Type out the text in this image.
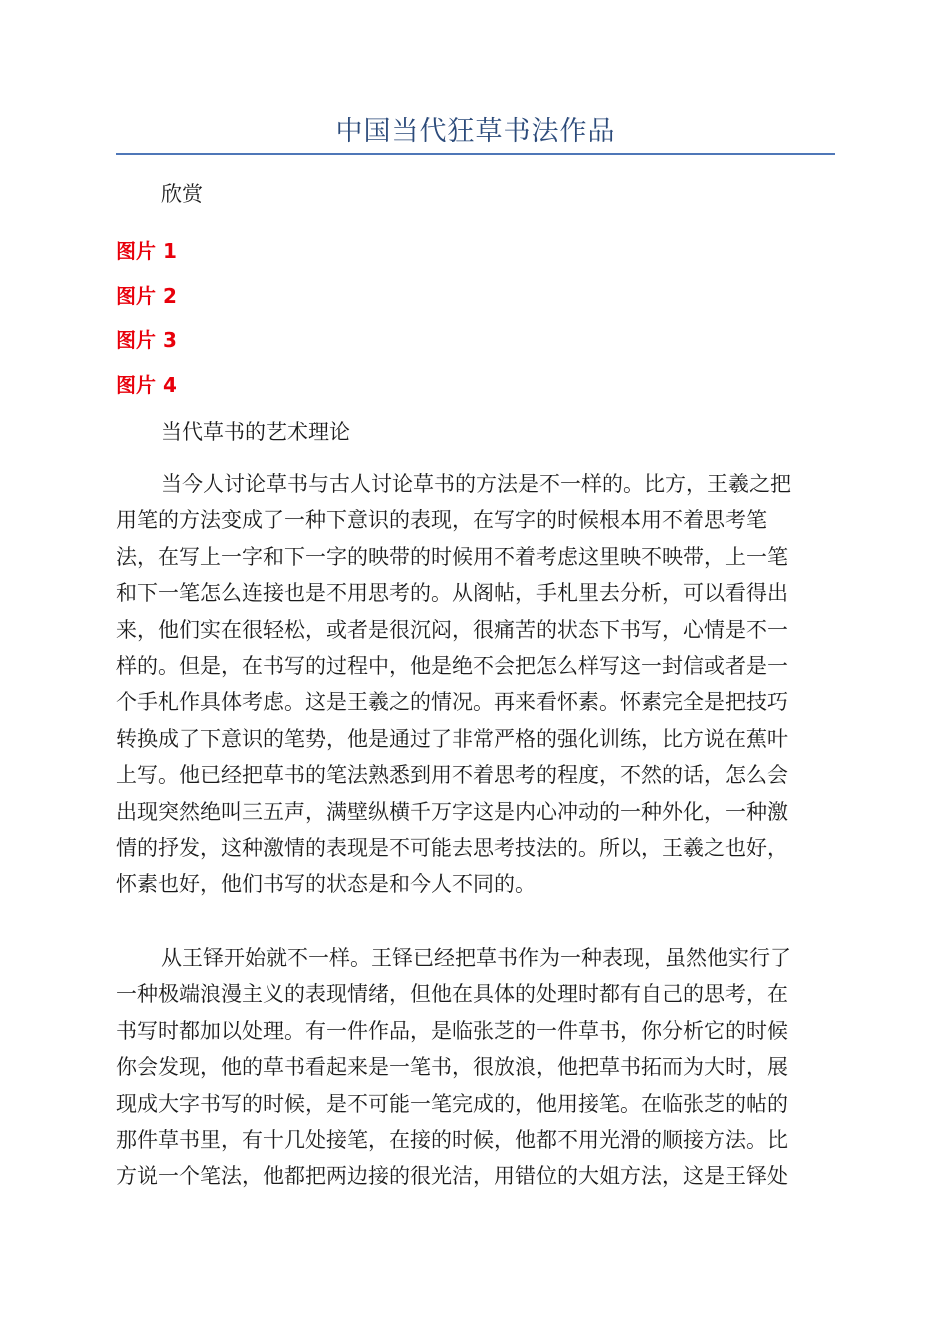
中国当代狂草书法作品
欣赏
图片 1
图片 2
图片 3
图片 4
当代草书的艺术理论
当今人讨论草书与古人讨论草书的方法是不一样的。比方，王羲之把
用笔的方法变成了一种下意识的表现，在写字的时候根本用不着思考笔
法，在写上一字和下一字的映带的时候用不着考虑这里映不映带，上一笔
和下一笔怎么连接也是不用思考的。从阁帖，手札里去分析，可以看得出
来，他们实在很轻松，或者是很沉闷，很痛苦的状态下书写，心情是不一
样的。但是，在书写的过程中，他是绝不会把怎么样写这一封信或者是一
个手札作具体考虑。这是王羲之的情况。再来看怀素。怀素完全是把技巧
转换成了下意识的笔势，他是通过了非常严格的强化训练，比方说在蕉叶
上写。他已经把草书的笔法熟悉到用不着思考的程度，不然的话，怎么会
出现突然绝叫三五声，满壁纵横千万字这是内心冲动的一种外化，一种激
情的抒发，这种激情的表现是不可能去思考技法的。所以，王羲之也好，
怀素也好，他们书写的状态是和今人不同的。
从王铎开始就不一样。王铎已经把草书作为一种表现，虽然他实行了
一种极端浪漫主义的表现情绪，但他在具体的处理时都有自己的思考，在
书写时都加以处理。有一件作品，是临张芝的一件草书，你分析它的时候
你会发现，他的草书看起来是一笔书，很放浪，他把草书拓而为大时，展
现成大字书写的时候，是不可能一笔完成的，他用接笔。在临张芝的帖的
那件草书里，有十几处接笔，在接的时候，他都不用光滑的顺接方法。比
方说一个笔法，他都把两边接的很光洁，用错位的大姐方法，这是王铎处
